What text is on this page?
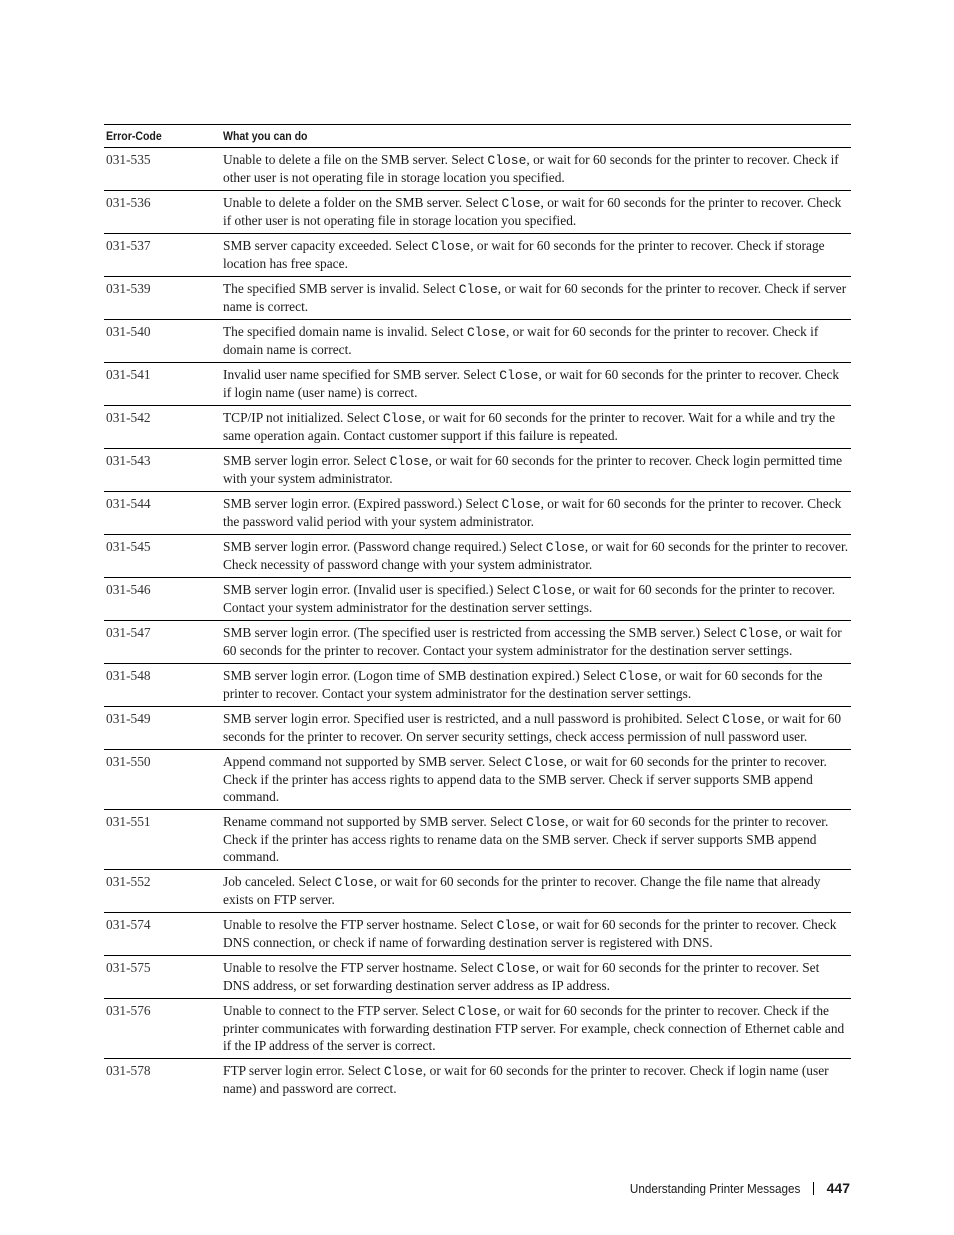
Error-Code	What you can do
031-535	Unable to delete a file on the SMB server. Select Close, or wait for 60 seconds for the printer to recover. Check if other user is not operating file in storage location you specified.
031-536	Unable to delete a folder on the SMB server. Select Close, or wait for 60 seconds for the printer to recover. Check if other user is not operating file in storage location you specified.
031-537	SMB server capacity exceeded. Select Close, or wait for 60 seconds for the printer to recover. Check if storage location has free space.
031-539	The specified SMB server is invalid. Select Close, or wait for 60 seconds for the printer to recover. Check if server name is correct.
031-540	The specified domain name is invalid. Select Close, or wait for 60 seconds for the printer to recover. Check if domain name is correct.
031-541	Invalid user name specified for SMB server. Select Close, or wait for 60 seconds for the printer to recover. Check if login name (user name) is correct.
031-542	TCP/IP not initialized. Select Close, or wait for 60 seconds for the printer to recover. Wait for a while and try the same operation again. Contact customer support if this failure is repeated.
031-543	SMB server login error. Select Close, or wait for 60 seconds for the printer to recover. Check login permitted time with your system administrator.
031-544	SMB server login error. (Expired password.) Select Close, or wait for 60 seconds for the printer to recover. Check the password valid period with your system administrator.
031-545	SMB server login error. (Password change required.) Select Close, or wait for 60 seconds for the printer to recover. Check necessity of password change with your system administrator.
031-546	SMB server login error. (Invalid user is specified.) Select Close, or wait for 60 seconds for the printer to recover. Contact your system administrator for the destination server settings.
031-547	SMB server login error. (The specified user is restricted from accessing the SMB server.) Select Close, or wait for 60 seconds for the printer to recover. Contact your system administrator for the destination server settings.
031-548	SMB server login error. (Logon time of SMB destination expired.) Select Close, or wait for 60 seconds for the printer to recover. Contact your system administrator for the destination server settings.
031-549	SMB server login error. Specified user is restricted, and a null password is prohibited. Select Close, or wait for 60 seconds for the printer to recover. On server security settings, check access permission of null password user.
031-550	Append command not supported by SMB server. Select Close, or wait for 60 seconds for the printer to recover. Check if the printer has access rights to append data to the SMB server. Check if server supports SMB append command.
031-551	Rename command not supported by SMB server. Select Close, or wait for 60 seconds for the printer to recover. Check if the printer has access rights to rename data on the SMB server. Check if server supports SMB append command.
031-552	Job canceled. Select Close, or wait for 60 seconds for the printer to recover. Change the file name that already exists on FTP server.
031-574	Unable to resolve the FTP server hostname. Select Close, or wait for 60 seconds for the printer to recover. Check DNS connection, or check if name of forwarding destination server is registered with DNS.
031-575	Unable to resolve the FTP server hostname. Select Close, or wait for 60 seconds for the printer to recover. Set DNS address, or set forwarding destination server address as IP address.
031-576	Unable to connect to the FTP server. Select Close, or wait for 60 seconds for the printer to recover. Check if the printer communicates with forwarding destination FTP server. For example, check connection of Ethernet cable and if the IP address of the server is correct.
031-578	FTP server login error. Select Close, or wait for 60 seconds for the printer to recover. Check if login name (user name) and password are correct.
Understanding Printer Messages 447
